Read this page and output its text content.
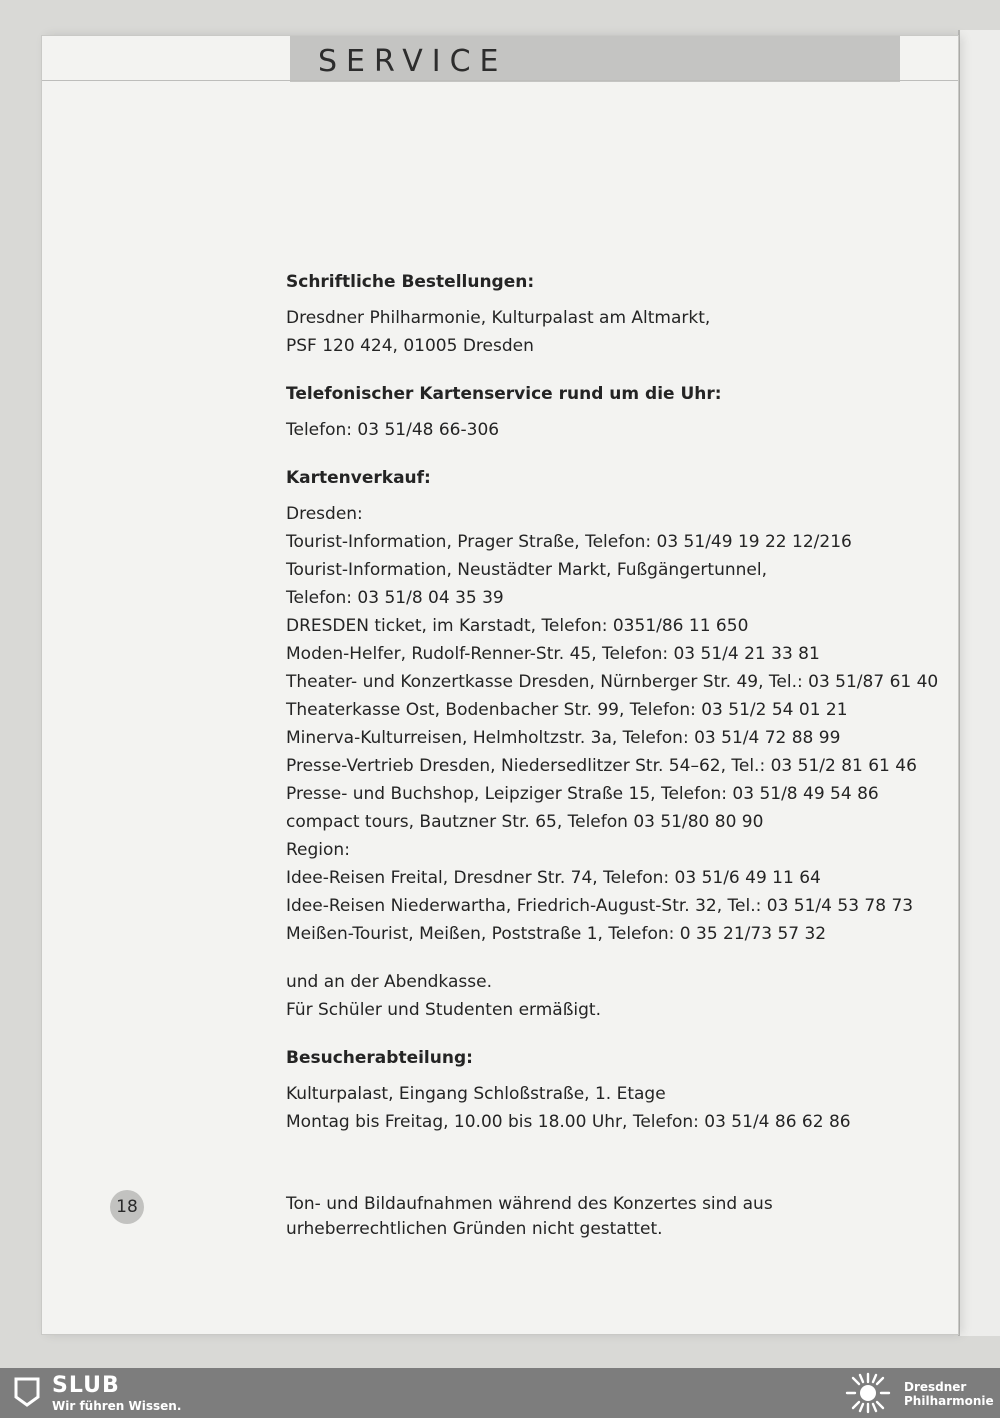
SERVICE

Schriftliche Bestellungen:

Dresdner Philharmonie, Kulturpalast am Altmarkt,

PSF 120 424, 01005 Dresden

Telefonischer Kartenservice rund um die Uhr:

Telefon: 03 51/48 66-306

Kartenverkauf:

Dresden:

Tourist-Information, Prager Straße, Telefon: 03 51/49 19 22 12/216

Tourist-Information, Neustädter Markt, Fußgängertunnel,

Telefon: 03 51/8 04 35 39

DRESDEN ticket, im Karstadt, Telefon: 0351/86 11 650

Moden-Helfer, Rudolf-Renner-Str. 45, Telefon: 03 51/4 21 33 81

Theater- und Konzertkasse Dresden, Nürnberger Str. 49, Tel.: 03 51/87 61 40

Theaterkasse Ost, Bodenbacher Str. 99, Telefon: 03 51/2 54 01 21

Minerva-Kulturreisen, Helmholtzstr. 3a, Telefon: 03 51/4 72 88 99

Presse-Vertrieb Dresden, Niedersedlitzer Str. 54–62, Tel.: 03 51/2 81 61 46

Presse- und Buchshop, Leipziger Straße 15, Telefon: 03 51/8 49 54 86

compact tours, Bautzner Str. 65, Telefon 03 51/80 80 90

Region:

Idee-Reisen Freital, Dresdner Str. 74, Telefon: 03 51/6 49 11 64

Idee-Reisen Niederwartha, Friedrich-August-Str. 32, Tel.: 03 51/4 53 78 73

Meißen-Tourist, Meißen, Poststraße 1, Telefon: 0 35 21/73 57 32

und an der Abendkasse.

Für Schüler und Studenten ermäßigt.

Besucherabteilung:

Kulturpalast, Eingang Schloßstraße, 1. Etage

Montag bis Freitag, 10.00 bis 18.00 Uhr, Telefon: 03 51/4 86 62 86

Ton- und Bildaufnahmen während des Konzertes sind aus urheberrechtlichen Gründen nicht gestattet.

18
SLUB
Wir führen Wissen.
Dresdner
Philharmonie
